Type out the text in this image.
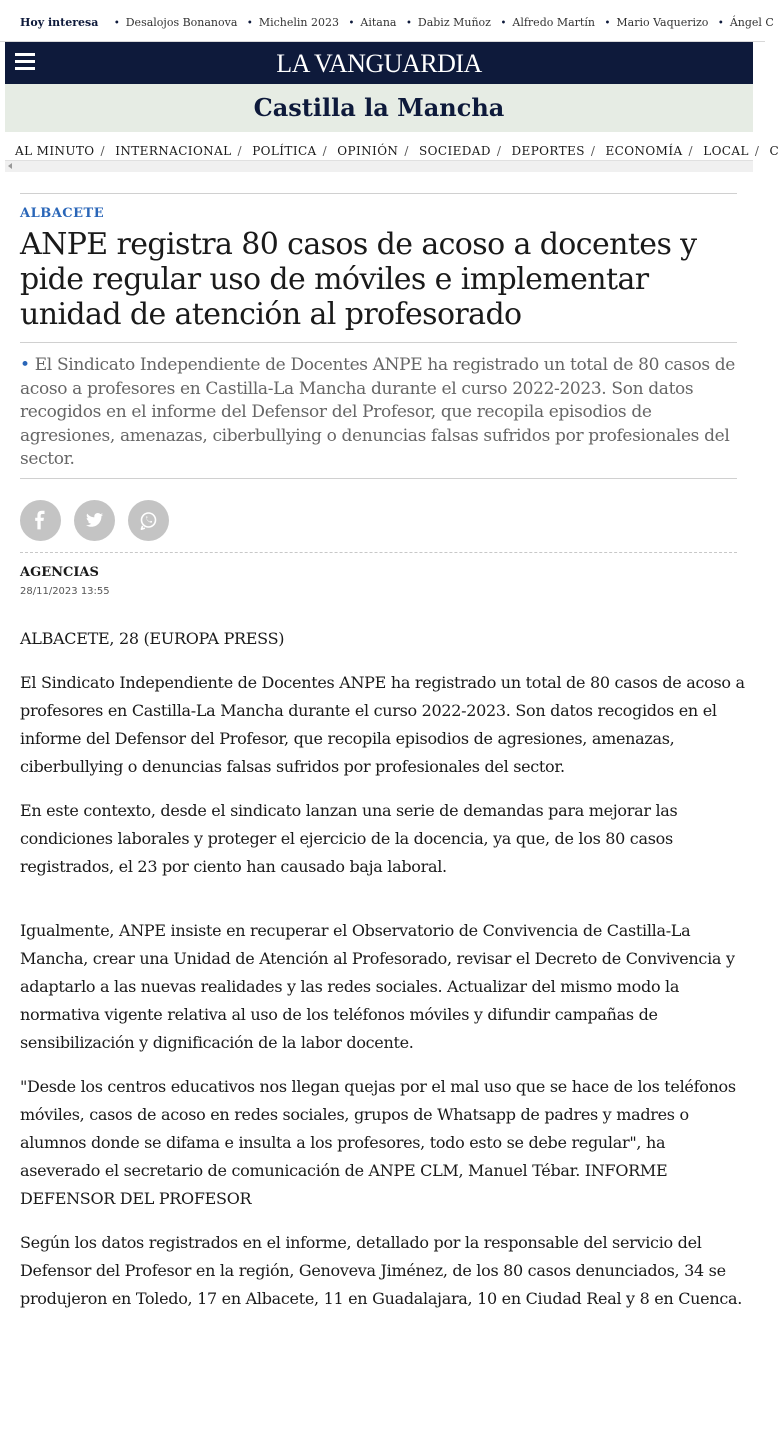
Hoy interesa • Desalojos Bonanova • Michelin 2023 • Aitana • Dabiz Muñoz • Alfredo Martín • Mario Vaquerizo • Ángel C
LA VANGUARDIA
Castilla la Mancha
AL MINUTO / INTERNACIONAL / POLÍTICA / OPINIÓN / SOCIEDAD / DEPORTES / ECONOMÍA / LOCAL / C
ALBACETE
ANPE registra 80 casos de acoso a docentes y pide regular uso de móviles e implementar unidad de atención al profesorado
• El Sindicato Independiente de Docentes ANPE ha registrado un total de 80 casos de acoso a profesores en Castilla-La Mancha durante el curso 2022-2023. Son datos recogidos en el informe del Defensor del Profesor, que recopila episodios de agresiones, amenazas, ciberbullying o denuncias falsas sufridos por profesionales del sector.

AGENCIAS
28/11/2023 13:55

ALBACETE, 28 (EUROPA PRESS)

El Sindicato Independiente de Docentes ANPE ha registrado un total de 80 casos de acoso a profesores en Castilla-La Mancha durante el curso 2022-2023. Son datos recogidos en el informe del Defensor del Profesor, que recopila episodios de agresiones, amenazas, ciberbullying o denuncias falsas sufridos por profesionales del sector.

En este contexto, desde el sindicato lanzan una serie de demandas para mejorar las condiciones laborales y proteger el ejercicio de la docencia, ya que, de los 80 casos registrados, el 23 por ciento han causado baja laboral.

Igualmente, ANPE insiste en recuperar el Observatorio de Convivencia de Castilla-La Mancha, crear una Unidad de Atención al Profesorado, revisar el Decreto de Convivencia y adaptarlo a las nuevas realidades y las redes sociales. Actualizar del mismo modo la normativa vigente relativa al uso de los teléfonos móviles y difundir campañas de sensibilización y dignificación de la labor docente.

"Desde los centros educativos nos llegan quejas por el mal uso que se hace de los teléfonos móviles, casos de acoso en redes sociales, grupos de Whatsapp de padres y madres o alumnos donde se difama e insulta a los profesores, todo esto se debe regular", ha aseverado el secretario de comunicación de ANPE CLM, Manuel Tébar. INFORME DEFENSOR DEL PROFESOR

Según los datos registrados en el informe, detallado por la responsable del servicio del Defensor del Profesor en la región, Genoveva Jiménez, de los 80 casos denunciados, 34 se produjeron en Toledo, 17 en Albacete, 11 en Guadalajara, 10 en Ciudad Real y 8 en Cuenca.
